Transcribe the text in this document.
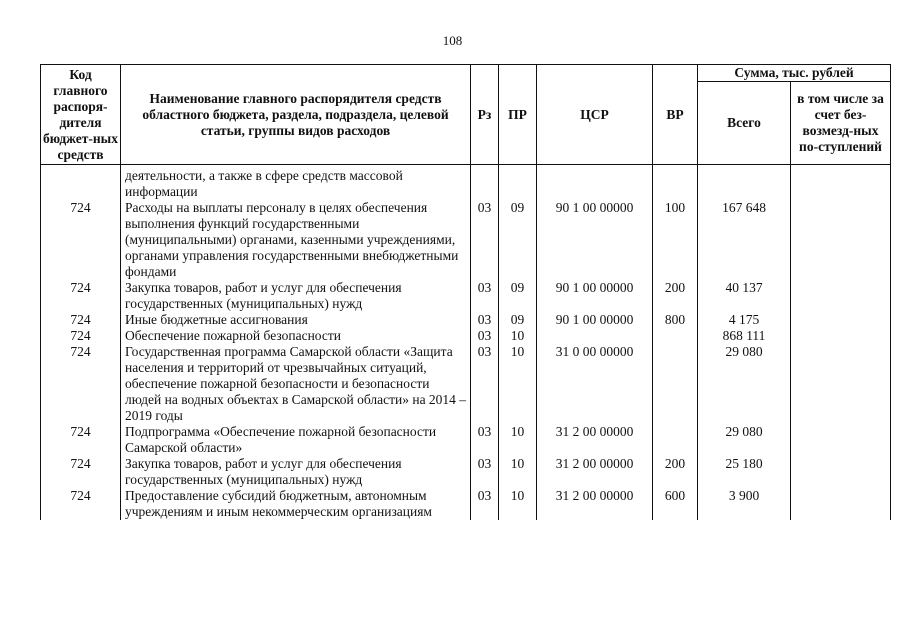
108
Код главного распоря-дителя бюджет-ных средств	Наименование главного распорядителя средств областного бюджета, раздела, подраздела, целевой статьи, группы видов расходов	Рз	ПР	ЦСР	ВР	Сумма, тыс. рублей	
						Всего	в том числе за счет без-возмезд-ных по-ступлений
	деятельности, а также в сфере средств массовой информации						
724	Расходы на выплаты персоналу в целях обеспечения выполнения функций государственными (муниципальными) органами, казенными учреждениями, органами управления государственными внебюджетными фондами	03	09	90 1 00 00000	100	167 648	
724	Закупка товаров, работ и услуг для обеспечения государственных (муниципальных) нужд	03	09	90 1 00 00000	200	40 137	
724	Иные бюджетные ассигнования	03	09	90 1 00 00000	800	4 175	
724	Обеспечение пожарной безопасности	03	10			868 111	
724	Государственная программа Самарской области «Защита населения и территорий от чрезвычайных ситуаций, обеспечение пожарной безопасности и безопасности людей на водных объектах в Самарской области» на 2014 – 2019 годы	03	10	31 0 00 00000		29 080	
724	Подпрограмма «Обеспечение пожарной безопасности Самарской области»	03	10	31 2 00 00000		29 080	
724	Закупка товаров, работ и услуг для обеспечения государственных (муниципальных) нужд	03	10	31 2 00 00000	200	25 180	
724	Предоставление субсидий бюджетным, автономным учреждениям и иным некоммерческим организациям	03	10	31 2 00 00000	600	3 900	
